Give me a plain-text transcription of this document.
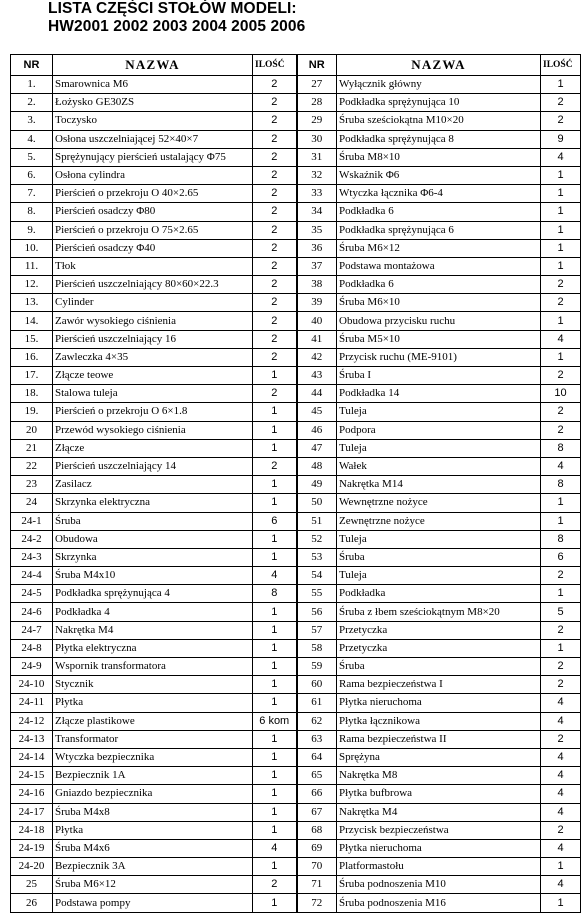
LISTA CZĘŚCI STOŁÓW MODELI:
HW2001 2002 2003 2004 2005 2006
NR	NAZWA	ILOŚĆ	NR	NAZWA	ILOŚĆ
1.	Smarownica M6	2	27	Wyłącznik główny	1
2.	Łożysko GE30ZS	2	28	Podkładka sprężynująca 10	2
3.	Toczysko	2	29	Śruba sześciokątna M10×20	2
4.	Osłona uszczelniającej 52×40×7	2	30	Podkładka sprężynująca 8	9
5.	Sprężynujący pierścień ustalający Φ75	2	31	Śruba M8×10	4
6.	Osłona cylindra	2	32	Wskaźnik Φ6	1
7.	Pierścień o przekroju O 40×2.65	2	33	Wtyczka łącznika Φ6-4	1
8.	Pierścień osadczy Φ80	2	34	Podkładka 6	1
9.	Pierścień o przekroju O 75×2.65	2	35	Podkładka sprężynująca 6	1
10.	Pierścień osadczy Φ40	2	36	Śruba M6×12	1
11.	Tłok	2	37	Podstawa montażowa	1
12.	Pierścień uszczelniający 80×60×22.3	2	38	Podkładka 6	2
13.	Cylinder	2	39	Śruba M6×10	2
14.	Zawór wysokiego ciśnienia	2	40	Obudowa przycisku ruchu	1
15.	Pierścień uszczelniający 16	2	41	Śruba M5×10	4
16.	Zawleczka 4×35	2	42	Przycisk ruchu (ME-9101)	1
17.	Złącze teowe	1	43	Śruba I	2
18.	Stalowa tuleja	2	44	Podkładka 14	10
19.	Pierścień o przekroju O 6×1.8	1	45	Tuleja	2
20	Przewód wysokiego ciśnienia	1	46	Podpora	2
21	Złącze	1	47	Tuleja	8
22	Pierścień uszczelniający 14	2	48	Wałek	4
23	Zasilacz	1	49	Nakrętka M14	8
24	Skrzynka elektryczna	1	50	Wewnętrzne nożyce	1
24-1	Śruba	6	51	Zewnętrzne nożyce	1
24-2	Obudowa	1	52	Tuleja	8
24-3	Skrzynka	1	53	Śruba	6
24-4	Śruba M4x10	4	54	Tuleja	2
24-5	Podkładka sprężynująca 4	8	55	Podkładka	1
24-6	Podkładka 4	1	56	Śruba z łbem sześciokątnym M8×20	5
24-7	Nakrętka M4	1	57	Przetyczka	2
24-8	Płytka elektryczna	1	58	Przetyczka	1
24-9	Wspornik transformatora	1	59	Śruba	2
24-10	Stycznik	1	60	Rama bezpieczeństwa I	2
24-11	Płytka	1	61	Płytka nieruchoma	4
24-12	Złącze plastikowe	6 kom	62	Płytka łącznikowa	4
24-13	Transformator	1	63	Rama bezpieczeństwa II	2
24-14	Wtyczka bezpiecznika	1	64	Sprężyna	4
24-15	Bezpiecznik 1A	1	65	Nakrętka M8	4
24-16	Gniazdo bezpiecznika	1	66	Płytka bufbrowa	4
24-17	Śruba M4x8	1	67	Nakrętka M4	4
24-18	Płytka	1	68	Przycisk bezpieczeństwa	2
24-19	Śruba M4x6	4	69	Płytka nieruchoma	4
24-20	Bezpiecznik 3A	1	70	Platformastołu	1
25	Śruba M6×12	2	71	Śruba podnoszenia M10	4
26	Podstawa pompy	1	72	Śruba podnoszenia M16	1
